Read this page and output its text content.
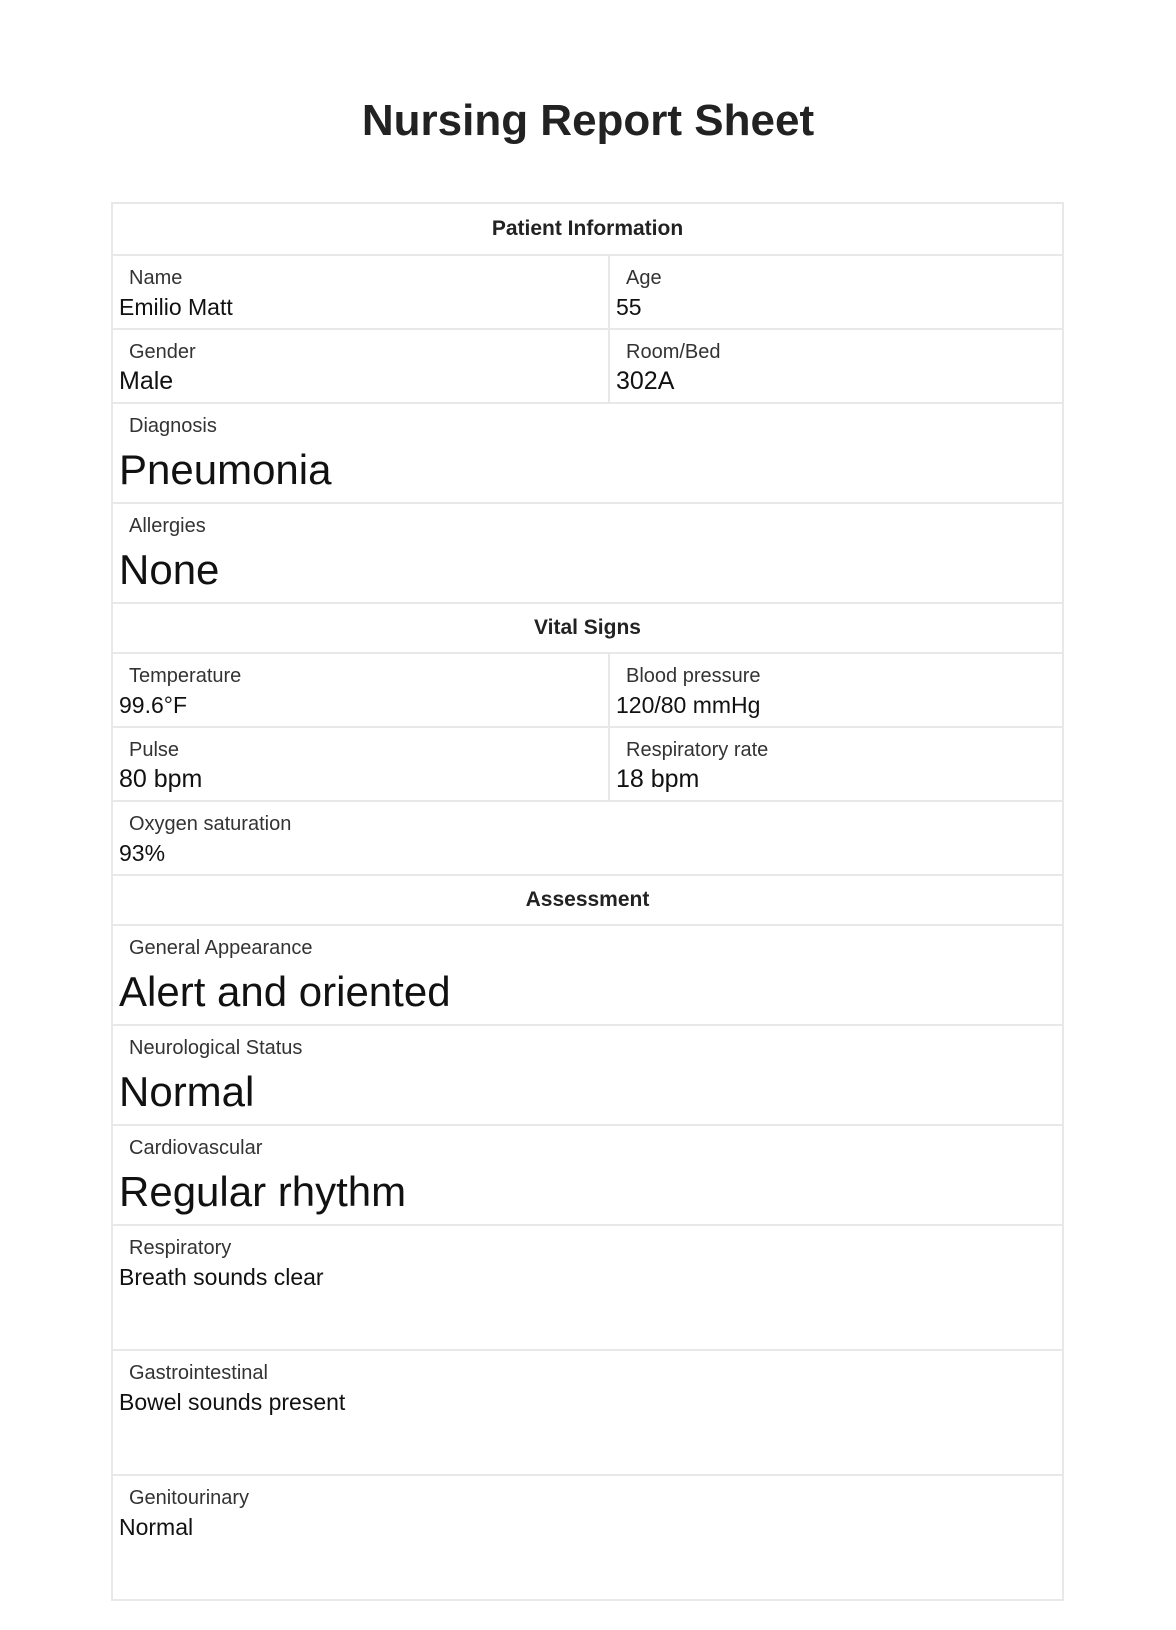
Nursing Report Sheet
Patient Information
Name
Emilio Matt
Age
55
Gender
Male
Room/Bed
302A
Diagnosis
Pneumonia
Allergies
None
Vital Signs
Temperature
99.6°F
Blood pressure
120/80 mmHg
Pulse
80 bpm
Respiratory rate
18 bpm
Oxygen saturation
93%
Assessment
General Appearance
Alert and oriented
Neurological Status
Normal
Cardiovascular
Regular rhythm
Respiratory
Breath sounds clear
Gastrointestinal
Bowel sounds present
Genitourinary
Normal
